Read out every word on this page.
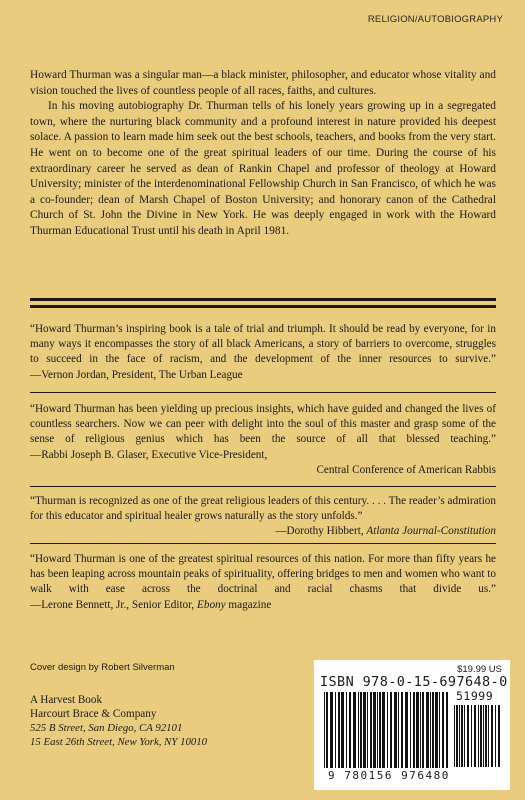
RELIGION/AUTOBIOGRAPHY

Howard Thurman was a singular man—a black minister, philosopher, and educator whose vitality and vision touched the lives of countless people of all races, faiths, and cultures.

In his moving autobiography Dr. Thurman tells of his lonely years growing up in a segregated town, where the nurturing black community and a profound interest in nature provided his deepest solace. A passion to learn made him seek out the best schools, teachers, and books from the very start. He went on to become one of the great spiritual leaders of our time. During the course of his extraordinary career he served as dean of Rankin Chapel and professor of theology at Howard University; minister of the interdenominational Fellowship Church in San Francisco, of which he was a co-founder; dean of Marsh Chapel of Boston University; and honorary canon of the Cathedral Church of St. John the Divine in New York. He was deeply engaged in work with the Howard Thurman Educational Trust until his death in April 1981.

“Howard Thurman’s inspiring book is a tale of trial and triumph. It should be read by everyone, for in many ways it encompasses the story of all black Americans, a story of barriers to overcome, struggles to succeed in the face of racism, and the development of the inner resources to survive.” —Vernon Jordan, President, The Urban League
“Howard Thurman has been yielding up precious insights, which have guided and changed the lives of countless searchers. Now we can peer with delight into the soul of this master and grasp some of the sense of religious genius which has been the source of all that blessed teaching.” —Rabbi Joseph B. Glaser, Executive Vice-President,
Central Conference of American Rabbis
“Thurman is recognized as one of the great religious leaders of this century. . . . The reader’s admiration for this educator and spiritual healer grows naturally as the story unfolds.”
—Dorothy Hibbert, Atlanta Journal-Constitution
“Howard Thurman is one of the greatest spiritual resources of this nation. For more than fifty years he has been leaping across mountain peaks of spirituality, offering bridges to men and women who want to walk with ease across the doctrinal and racial chasms that divide us.” —Lerone Bennett, Jr., Senior Editor, Ebony magazine
Cover design by Robert Silverman
A Harvest Book
Harcourt Brace & Company
525 B Street, San Diego, CA 92101
15 East 26th Street, New York, NY 10010
$19.99 US
ISBN 978-0-15-697648-0
51999
9 780156 976480
